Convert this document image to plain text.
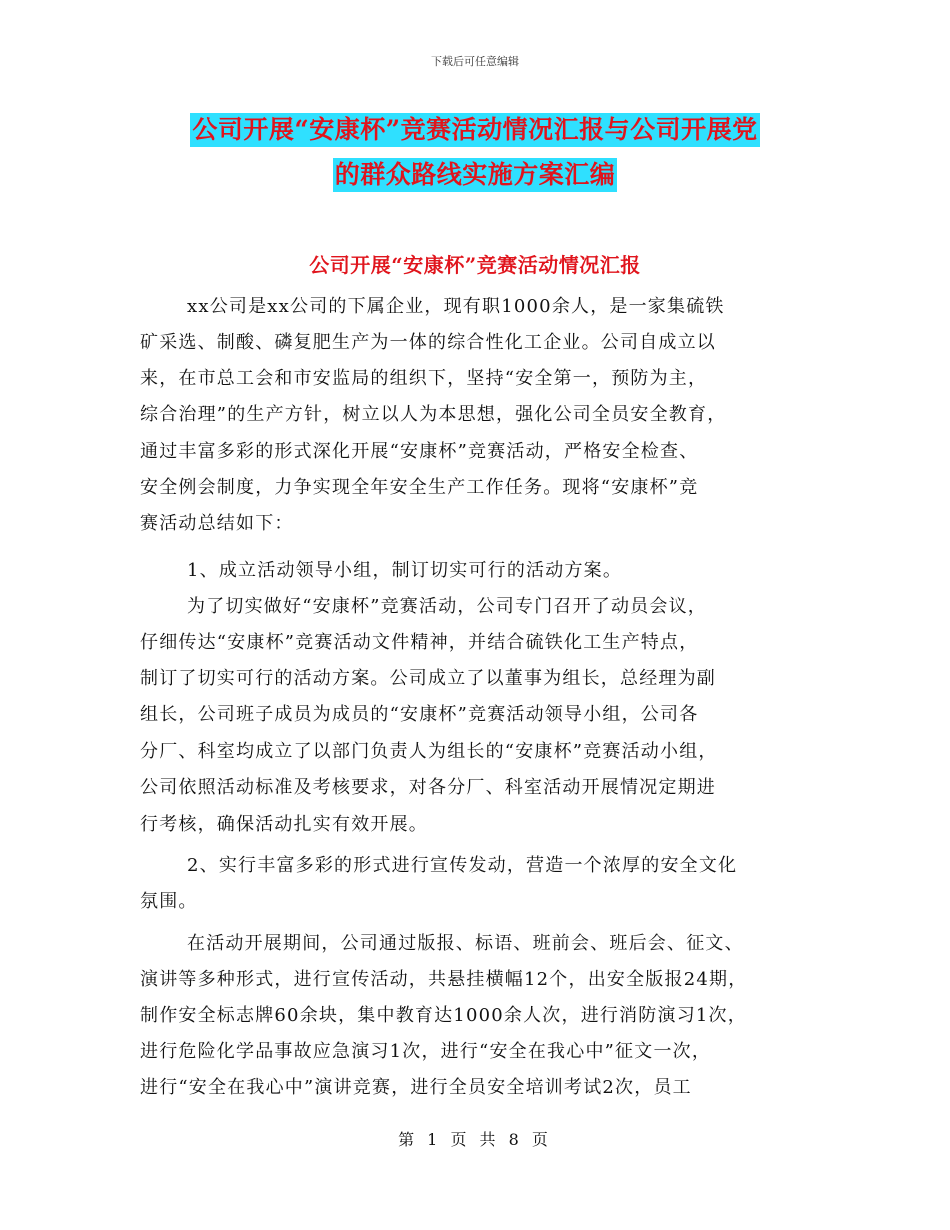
下载后可任意编辑
公司开展“安康杯”竞赛活动情况汇报与公司开展党
的群众路线实施方案汇编
公司开展“安康杯”竞赛活动情况汇报
xx公司是xx公司的下属企业，现有职1000余人，是一家集硫铁
矿采选、制酸、磷复肥生产为一体的综合性化工企业。公司自成立以
来，在市总工会和市安监局的组织下，坚持“安全第一，预防为主，
综合治理”的生产方针，树立以人为本思想，强化公司全员安全教育，
通过丰富多彩的形式深化开展“安康杯”竞赛活动，严格安全检查、
安全例会制度，力争实现全年安全生产工作任务。现将“安康杯”竞
赛活动总结如下：
1、成立活动领导小组，制订切实可行的活动方案。
为了切实做好“安康杯”竞赛活动，公司专门召开了动员会议，
仔细传达“安康杯”竞赛活动文件精神，并结合硫铁化工生产特点，
制订了切实可行的活动方案。公司成立了以董事为组长，总经理为副
组长，公司班子成员为成员的“安康杯”竞赛活动领导小组，公司各
分厂、科室均成立了以部门负责人为组长的“安康杯”竞赛活动小组，
公司依照活动标准及考核要求，对各分厂、科室活动开展情况定期进
行考核，确保活动扎实有效开展。
2、实行丰富多彩的形式进行宣传发动，营造一个浓厚的安全文化
氛围。
在活动开展期间，公司通过版报、标语、班前会、班后会、征文、
演讲等多种形式，进行宣传活动，共悬挂横幅12个，出安全版报24期，
制作安全标志牌60余块，集中教育达1000余人次，进行消防演习1次，
进行危险化学品事故应急演习1次，进行“安全在我心中”征文一次，
进行“安全在我心中”演讲竞赛，进行全员安全培训考试2次，员工
第 1 页 共 8 页
